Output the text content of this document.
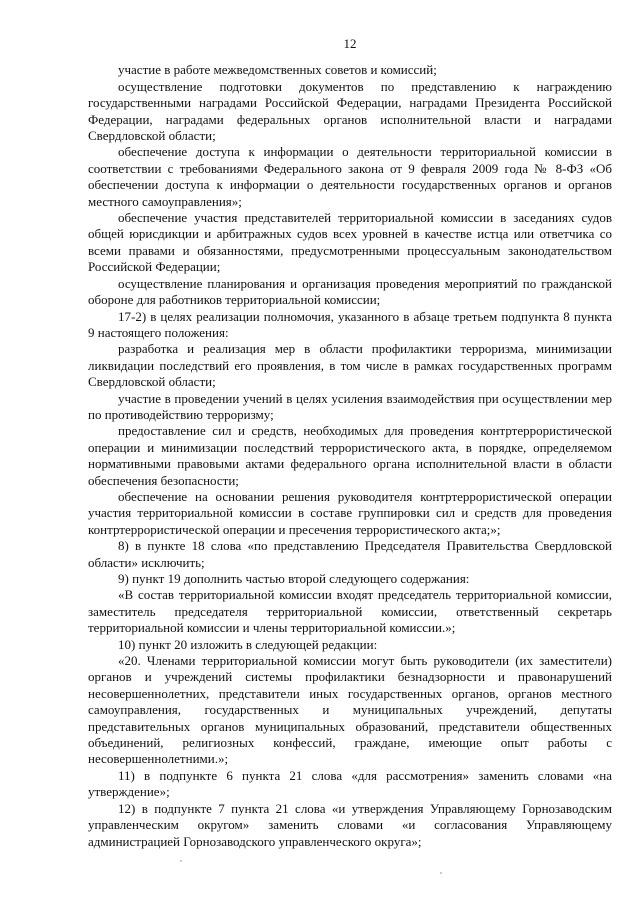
12

участие в работе межведомственных советов и комиссий;

осуществление подготовки документов по представлению к награждению государственными наградами Российской Федерации, наградами Президента Российской Федерации, наградами федеральных органов исполнительной власти и наградами Свердловской области;

обеспечение доступа к информации о деятельности территориальной комиссии в соответствии с требованиями Федерального закона от 9 февраля 2009 года № 8-ФЗ «Об обеспечении доступа к информации о деятельности государственных органов и органов местного самоуправления»;

обеспечение участия представителей территориальной комиссии в заседаниях судов общей юрисдикции и арбитражных судов всех уровней в качестве истца или ответчика со всеми правами и обязанностями, предусмотренными процессуальным законодательством Российской Федерации;

осуществление планирования и организация проведения мероприятий по гражданской обороне для работников территориальной комиссии;

17-2) в целях реализации полномочия, указанного в абзаце третьем подпункта 8 пункта 9 настоящего положения:

разработка и реализация мер в области профилактики терроризма, минимизации ликвидации последствий его проявления, в том числе в рамках государственных программ Свердловской области;

участие в проведении учений в целях усиления взаимодействия при осуществлении мер по противодействию терроризму;

предоставление сил и средств, необходимых для проведения контртеррористической операции и минимизации последствий террористического акта, в порядке, определяемом нормативными правовыми актами федерального органа исполнительной власти в области обеспечения безопасности;

обеспечение на основании решения руководителя контртеррористической операции участия территориальной комиссии в составе группировки сил и средств для проведения контртеррористической операции и пресечения террористического акта;»;

8) в пункте 18 слова «по представлению Председателя Правительства Свердловской области» исключить;

9) пункт 19 дополнить частью второй следующего содержания:

«В состав территориальной комиссии входят председатель территориальной комиссии, заместитель председателя территориальной комиссии, ответственный секретарь территориальной комиссии и члены территориальной комиссии.»;

10) пункт 20 изложить в следующей редакции:

«20. Членами территориальной комиссии могут быть руководители (их заместители) органов и учреждений системы профилактики безнадзорности и правонарушений несовершеннолетних, представители иных государственных органов, органов местного самоуправления, государственных и муниципальных учреждений, депутаты представительных органов муниципальных образований, представители общественных объединений, религиозных конфессий, граждане, имеющие опыт работы с несовершеннолетними.»;

11) в подпункте 6 пункта 21 слова «для рассмотрения» заменить словами «на утверждение»;

12) в подпункте 7 пункта 21 слова «и утверждения Управляющему Горнозаводским управленческим округом» заменить словами «и согласования Управляющему администрацией Горнозаводского управленческого округа»;
